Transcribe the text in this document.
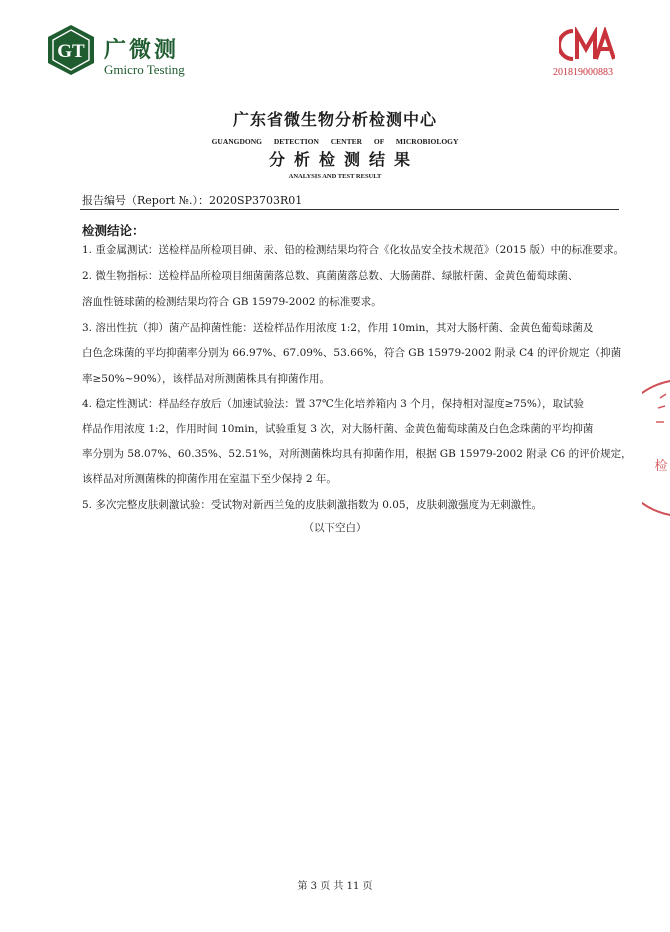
GT 广微测
Gmicro Testing	201819000883
广东省微生物分析检测中心
GUANGDONG DETECTION CENTER OF MICROBIOLOGY
分析检测结果
ANALYSIS AND TEST RESULT
报告编号（Report №.）：2020SP3703R01
检测结论：
1. 重金属测试：送检样品所检项目砷、汞、铅的检测结果均符合《化妆品安全技术规范》（2015 版）中的标准要求。
2. 微生物指标：送检样品所检项目细菌菌落总数、真菌菌落总数、大肠菌群、绿脓杆菌、金黄色葡萄球菌、
溶血性链球菌的检测结果均符合 GB 15979-2002 的标准要求。
3. 溶出性抗（抑）菌产品抑菌性能：送检样品作用浓度 1:2，作用 10min，其对大肠杆菌、金黄色葡萄球菌及
白色念珠菌的平均抑菌率分别为 66.97%、67.09%、53.66%，符合 GB 15979-2002 附录 C4 的评价规定（抑菌
率≥50%~90%），该样品对所测菌株具有抑菌作用。
4. 稳定性测试：样品经存放后（加速试验法：置 37℃生化培养箱内 3 个月，保持相对湿度≥75%），取试验
样品作用浓度 1:2，作用时间 10min，试验重复 3 次，对大肠杆菌、金黄色葡萄球菌及白色念珠菌的平均抑菌
率分别为 58.07%、60.35%、52.51%，对所测菌株均具有抑菌作用，根据 GB 15979-2002 附录 C6 的评价规定，
该样品对所测菌株的抑菌作用在室温下至少保持 2 年。
5. 多次完整皮肤刺激试验：受试物对新西兰兔的皮肤刺激指数为 0.05，皮肤刺激强度为无刺激性。
（以下空白）
检
第 3 页 共 11 页
